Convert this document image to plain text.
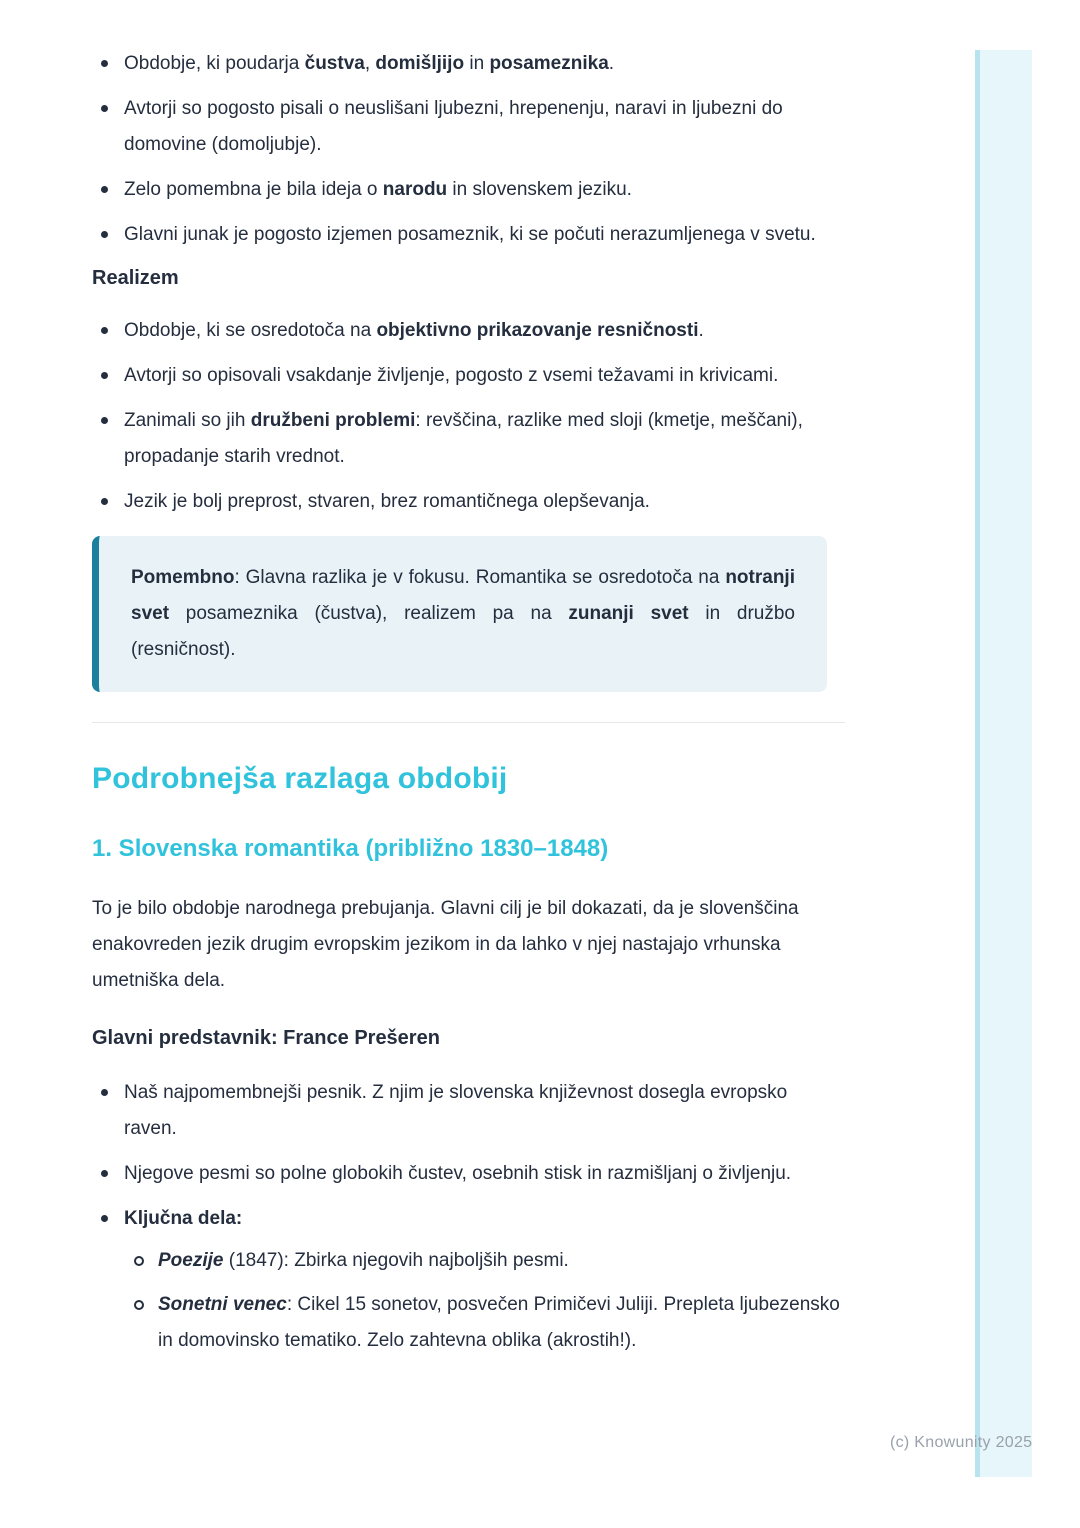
(c) Knowunity 2025
Obdobje, ki poudarja čustva, domišljijo in posameznika.
Avtorji so pogosto pisali o neuslišani ljubezni, hrepenenju, naravi in ljubezni do domovine (domoljubje).
Zelo pomembna je bila ideja o narodu in slovenskem jeziku.
Glavni junak je pogosto izjemen posameznik, ki se počuti nerazumljenega v svetu.
Realizem
Obdobje, ki se osredotoča na objektivno prikazovanje resničnosti.
Avtorji so opisovali vsakdanje življenje, pogosto z vsemi težavami in krivicami.
Zanimali so jih družbeni problemi: revščina, razlike med sloji (kmetje, meščani), propadanje starih vrednot.
Jezik je bolj preprost, stvaren, brez romantičnega olepševanja.

Pomembno: Glavna razlika je v fokusu. Romantika se osredotoča na notranji svet posameznika (čustva), realizem pa na zunanji svet in družbo (resničnost).

Podrobnejša razlaga obdobij
1. Slovenska romantika (približno 1830–1848)

To je bilo obdobje narodnega prebujanja. Glavni cilj je bil dokazati, da je slovenščina enakovreden jezik drugim evropskim jezikom in da lahko v njej nastajajo vrhunska umetniška dela.

Glavni predstavnik: France Prešeren
Naš najpomembnejši pesnik. Z njim je slovenska književnost dosegla evropsko raven.
Njegove pesmi so polne globokih čustev, osebnih stisk in razmišljanj o življenju.
Ključna dela:
Poezije (1847): Zbirka njegovih najboljših pesmi.
Sonetni venec: Cikel 15 sonetov, posvečen Primičevi Juliji. Prepleta ljubezensko in domovinsko tematiko. Zelo zahtevna oblika (akrostih!).
